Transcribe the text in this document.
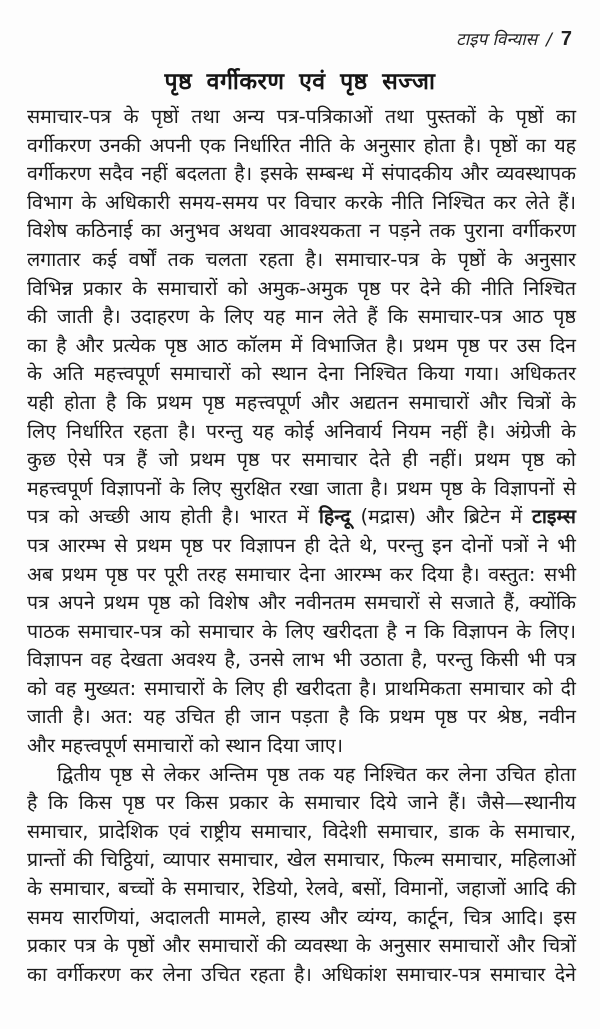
टाइप विन्यास / 7
पृष्ठ वर्गीकरण एवं पृष्ठ सज्जा
समाचार-पत्र के पृष्ठों तथा अन्य पत्र-पत्रिकाओं तथा पुस्तकों के पृष्ठों का
वर्गीकरण उनकी अपनी एक निर्धारित नीति के अनुसार होता है। पृष्ठों का यह
वर्गीकरण सदैव नहीं बदलता है। इसके सम्बन्ध में संपादकीय और व्यवस्थापक
विभाग के अधिकारी समय-समय पर विचार करके नीति निश्चित कर लेते हैं।
विशेष कठिनाई का अनुभव अथवा आवश्यकता न पड़ने तक पुराना वर्गीकरण
लगातार कई वर्षों तक चलता रहता है। समाचार-पत्र के पृष्ठों के अनुसार
विभिन्न प्रकार के समाचारों को अमुक-अमुक पृष्ठ पर देने की नीति निश्चित
की जाती है। उदाहरण के लिए यह मान लेते हैं कि समाचार-पत्र आठ पृष्ठ
का है और प्रत्येक पृष्ठ आठ कॉलम में विभाजित है। प्रथम पृष्ठ पर उस दिन
के अति महत्त्वपूर्ण समाचारों को स्थान देना निश्चित किया गया। अधिकतर
यही होता है कि प्रथम पृष्ठ महत्त्वपूर्ण और अद्यतन समाचारों और चित्रों के
लिए निर्धारित रहता है। परन्तु यह कोई अनिवार्य नियम नहीं है। अंग्रेजी के
कुछ ऐसे पत्र हैं जो प्रथम पृष्ठ पर समाचार देते ही नहीं। प्रथम पृष्ठ को
महत्त्वपूर्ण विज्ञापनों के लिए सुरक्षित रखा जाता है। प्रथम पृष्ठ के विज्ञापनों से
पत्र को अच्छी आय होती है। भारत में हिन्दू (मद्रास) और ब्रिटेन में टाइम्स
पत्र आरम्भ से प्रथम पृष्ठ पर विज्ञापन ही देते थे, परन्तु इन दोनों पत्रों ने भी
अब प्रथम पृष्ठ पर पूरी तरह समाचार देना आरम्भ कर दिया है। वस्तुत: सभी
पत्र अपने प्रथम पृष्ठ को विशेष और नवीनतम समचारों से सजाते हैं, क्योंकि
पाठक समाचार-पत्र को समाचार के लिए खरीदता है न कि विज्ञापन के लिए।
विज्ञापन वह देखता अवश्य है, उनसे लाभ भी उठाता है, परन्तु किसी भी पत्र
को वह मुख्यत: समाचारों के लिए ही खरीदता है। प्राथमिकता समाचार को दी
जाती है। अत: यह उचित ही जान पड़ता है कि प्रथम पृष्ठ पर श्रेष्ठ, नवीन
और महत्त्वपूर्ण समाचारों को स्थान दिया जाए।
द्वितीय पृष्ठ से लेकर अन्तिम पृष्ठ तक यह निश्चित कर लेना उचित होता
है कि किस पृष्ठ पर किस प्रकार के समाचार दिये जाने हैं। जैसे—स्थानीय
समाचार, प्रादेशिक एवं राष्ट्रीय समाचार, विदेशी समाचार, डाक के समाचार,
प्रान्तों की चिट्ठियां, व्यापार समाचार, खेल समाचार, फिल्म समाचार, महिलाओं
के समाचार, बच्चों के समाचार, रेडियो, रेलवे, बसों, विमानों, जहाजों आदि की
समय सारणियां, अदालती मामले, हास्य और व्यंग्य, कार्टून, चित्र आदि। इस
प्रकार पत्र के पृष्ठों और समाचारों की व्यवस्था के अनुसार समाचारों और चित्रों
का वर्गीकरण कर लेना उचित रहता है। अधिकांश समाचार-पत्र समाचार देने
